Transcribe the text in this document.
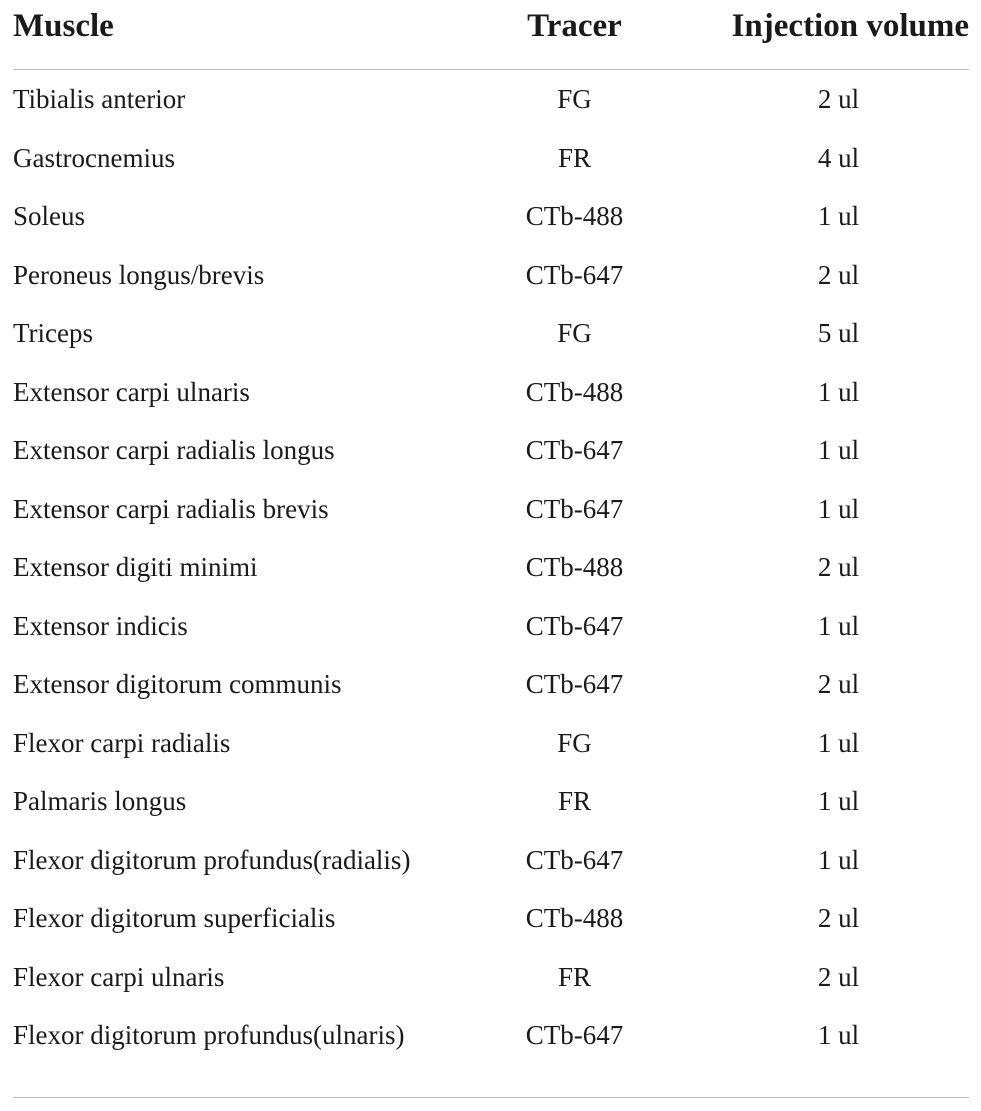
Muscle	Tracer	Injection volume
Tibialis anterior	FG	2 ul
Gastrocnemius	FR	4 ul
Soleus	CTb-488	1 ul
Peroneus longus/brevis	CTb-647	2 ul
Triceps	FG	5 ul
Extensor carpi ulnaris	CTb-488	1 ul
Extensor carpi radialis longus	CTb-647	1 ul
Extensor carpi radialis brevis	CTb-647	1 ul
Extensor digiti minimi	CTb-488	2 ul
Extensor indicis	CTb-647	1 ul
Extensor digitorum communis	CTb-647	2 ul
Flexor carpi radialis	FG	1 ul
Palmaris longus	FR	1 ul
Flexor digitorum profundus(radialis)	CTb-647	1 ul
Flexor digitorum superficialis	CTb-488	2 ul
Flexor carpi ulnaris	FR	2 ul
Flexor digitorum profundus(ulnaris)	CTb-647	1 ul
